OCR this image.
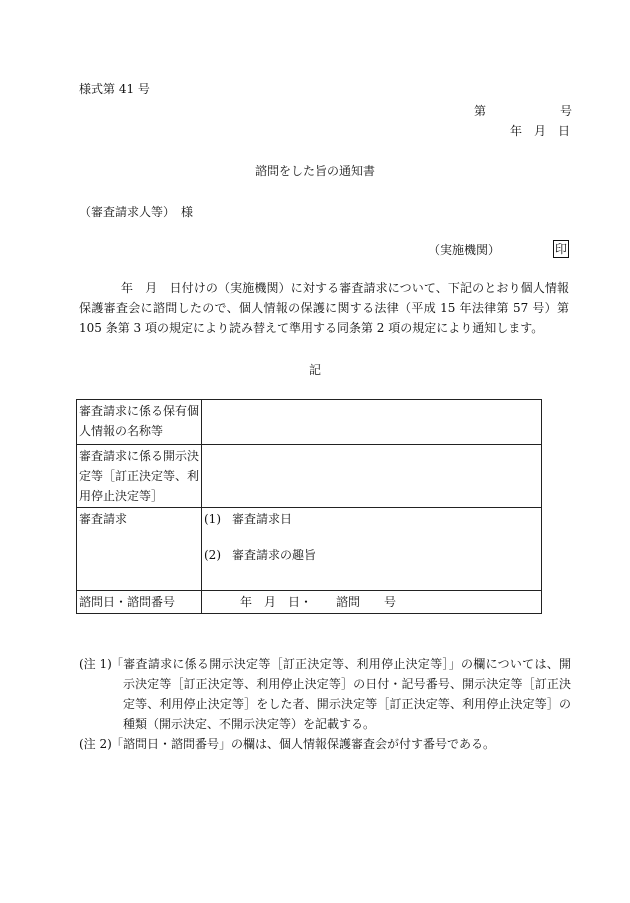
様式第 41 号
第	号
年　月　日
諮問をした旨の通知書
（審査請求人等）　様
（実施機関）	印
年　月　日付けの（実施機関）に対する審査請求について、下記のとおり個人情報保護審査会に諮問したので、個人情報の保護に関する法律（平成 15 年法律第 57 号）第 105 条第 3 項の規定により読み替えて準用する同条第 2 項の規定により通知します。
記
審査請求に係る保有個人情報の名称等	
審査請求に係る開示決定等［訂正決定等、利用停止決定等］	
審査請求	(1) 審査請求日
(2) 審査請求の趣旨

諮問日・諮問番号	　　　年　月　日・　　諮問　　号
(注 1) 「審査請求に係る開示決定等［訂正決定等、利用停止決定等］」の欄については、開示決定等［訂正決定等、利用停止決定等］の日付・記号番号、開示決定等［訂正決定等、利用停止決定等］をした者、開示決定等［訂正決定等、利用停止決定等］の種類（開示決定、不開示決定等）を記載する。
(注 2) 「諮問日・諮問番号」の欄は、個人情報保護審査会が付す番号である。
